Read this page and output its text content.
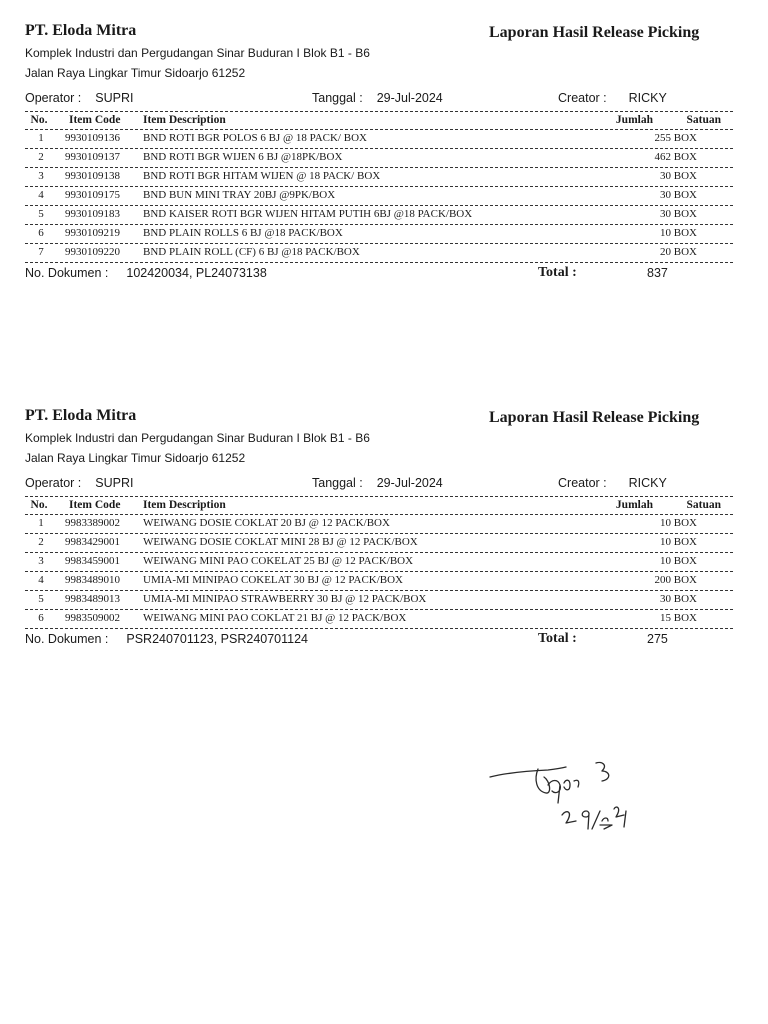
PT. Eloda Mitra	Laporan Hasil Release Picking
Komplek Industri dan Pergudangan Sinar Buduran I Blok B1 - B6
Jalan Raya Lingkar Timur Sidoarjo 61252
Operator : SUPRI	Tanggal : 29-Jul-2024	Creator : RICKY
No.	Item Code Item Description	Jumlah	Satuan
1	9930109136 BND ROTI BGR POLOS 6 BJ @ 18 PACK/ BOX	255 BOX
2	9930109137 BND ROTI BGR WIJEN 6 BJ @18PK/BOX	462 BOX
3	9930109138 BND ROTI BGR HITAM WIJEN @ 18 PACK/ BOX	30 BOX
4	9930109175 BND BUN MINI TRAY 20BJ @9PK/BOX	30 BOX
5	9930109183 BND KAISER ROTI BGR WIJEN HITAM PUTIH 6BJ @18 PACK/BOX	30 BOX
6	9930109219 BND PLAIN ROLLS 6 BJ @18 PACK/BOX	10 BOX
7	9930109220 BND PLAIN ROLL (CF) 6 BJ @18 PACK/BOX	20 BOX
No. Dokumen : 102420034, PL24073138	Total :	837
PT. Eloda Mitra	Laporan Hasil Release Picking
Komplek Industri dan Pergudangan Sinar Buduran I Blok B1 - B6
Jalan Raya Lingkar Timur Sidoarjo 61252
Operator : SUPRI	Tanggal : 29-Jul-2024	Creator : RICKY
No.	Item Code Item Description	Jumlah	Satuan
1	9983389002 WEIWANG DOSIE COKLAT 20 BJ @ 12 PACK/BOX	10 BOX
2	9983429001 WEIWANG DOSIE COKLAT MINI 28 BJ @ 12 PACK/BOX	10 BOX
3	9983459001 WEIWANG MINI PAO COKELAT 25 BJ @ 12 PACK/BOX	10 BOX
4	9983489010 UMIA-MI MINIPAO COKELAT 30 BJ @ 12 PACK/BOX	200 BOX
5	9983489013 UMIA-MI MINIPAO STRAWBERRY 30 BJ @ 12 PACK/BOX	30 BOX
6	9983509002 WEIWANG MINI PAO COKLAT 21 BJ @ 12 PACK/BOX	15 BOX
No. Dokumen : PSR240701123, PSR240701124	Total :	275
